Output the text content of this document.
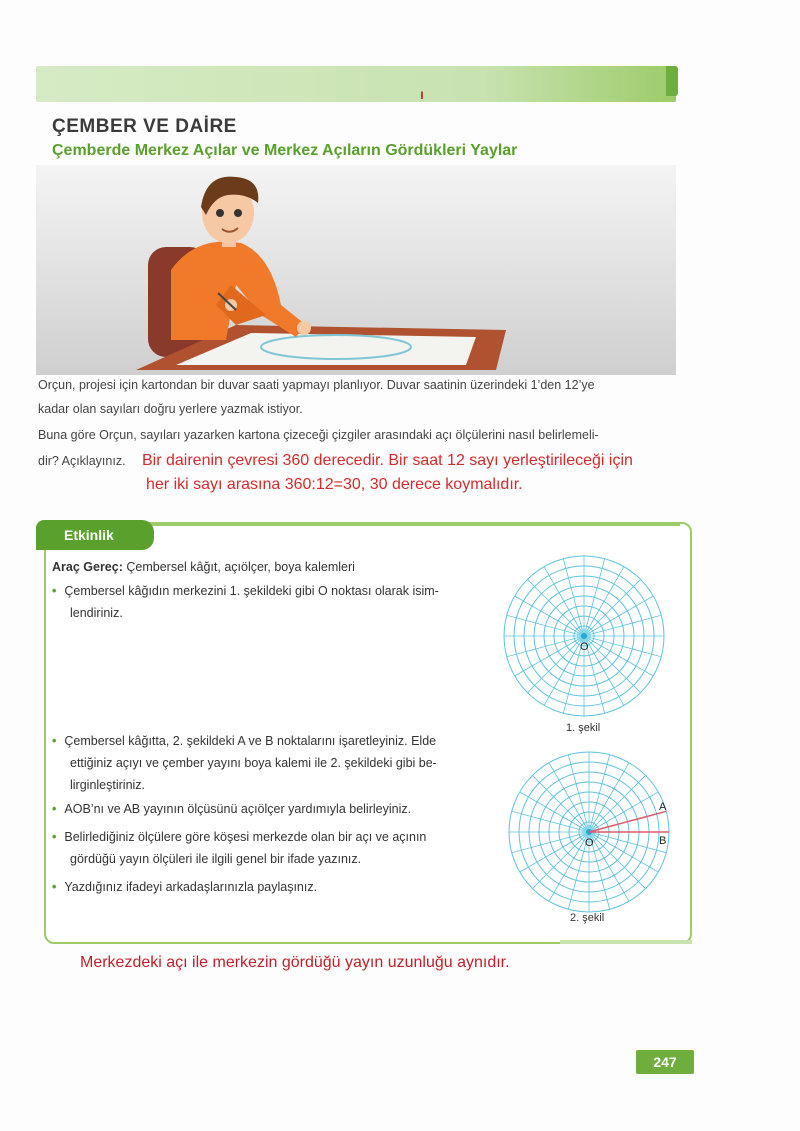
ı
ÇEMBER VE DAİRE
Çemberde Merkez Açılar ve Merkez Açıların Gördükleri Yaylar
Orçun, projesi için kartondan bir duvar saati yapmayı planlıyor. Duvar saatinin üzerindeki 1’den 12’ye
kadar olan sayıları doğru yerlere yazmak istiyor.
Buna göre Orçun, sayıları yazarken kartona çizeceği çizgiler arasındaki açı ölçülerini nasıl belirlemeli-
dir? Açıklayınız.	Bir dairenin çevresi 360 derecedir. Bir saat 12 sayı yerleştirileceği için
her iki sayı arasına 360:12=30, 30 derece koymalıdır.
Etkinlik
Araç Gereç: Çembersel kâğıt, açıölçer, boya kalemleri
• Çembersel kâğıdın merkezini 1. şekildeki gibi O noktası olarak isim-
lendiriniz.
• Çembersel kâğıtta, 2. şekildeki A ve B noktalarını işaretleyiniz. Elde
ettiğiniz açıyı ve çember yayını boya kalemi ile 2. şekildeki gibi be-
lirginleştiriniz.
• AOB’nı ve AB yayının ölçüsünü açıölçer yardımıyla belirleyiniz.
• Belirlediğiniz ölçülere göre köşesi merkezde olan bir açı ve açının
gördüğü yayın ölçüleri ile ilgili genel bir ifade yazınız.
• Yazdığınız ifadeyi arkadaşlarınızla paylaşınız.
O
1. şekil
O
A
B
2. şekil
Merkezdeki açı ile merkezin gördüğü yayın uzunluğu aynıdır.
247
